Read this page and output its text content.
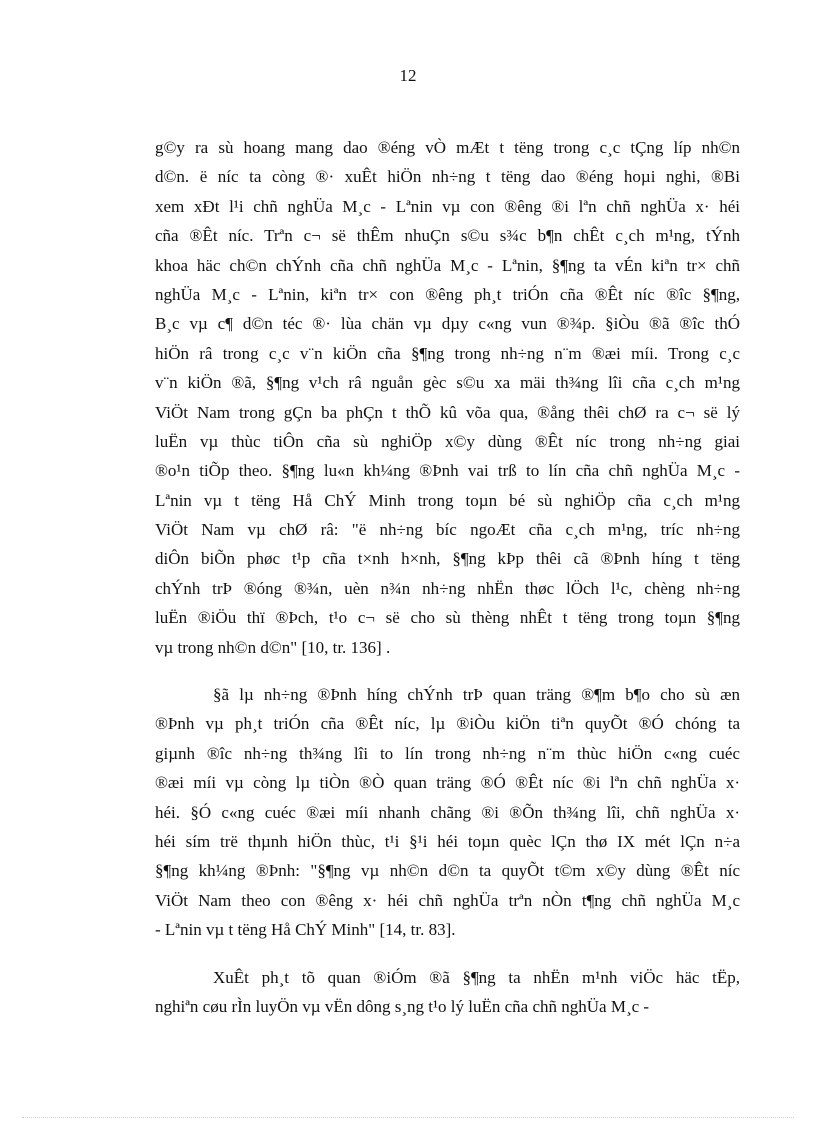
12
g©y ra sù hoang mang dao ®éng vÒ mÆt t tëng trong c¸c tÇng líp nh©n
d©n. ë níc ta còng ®· xuÊt hiÖn nh÷ng t tëng dao ®éng hoµi nghi, ®Bi
xem xÐt l¹i chñ nghÜa M¸c - Lªnin vµ con ®êng ®i lªn chñ nghÜa x· héi
cña ®Êt níc. Trªn c¬ së thÊm nhuÇn s©u s¾c b¶n chÊt c¸ch m¹ng, tÝnh
khoa häc ch©n chÝnh cña chñ nghÜa M¸c - Lªnin, §¶ng ta vÉn kiªn tr× chñ
nghÜa M¸c - Lªnin, kiªn tr× con ®êng ph¸t triÓn cña ®Êt níc ®îc §¶ng,
B¸c vµ c¶ d©n téc ®· lùa chän vµ dµy c«ng vun ®¾p. §iÒu ®ã ®îc thÓ
hiÖn râ trong c¸c v¨n kiÖn cña §¶ng trong nh÷ng n¨m ®æi míi. Trong c¸c
v¨n kiÖn ®ã, §¶ng v¹ch râ nguån gèc s©u xa mäi th¾ng lîi cña c¸ch m¹ng
ViÖt Nam trong gÇn ba phÇn t thÕ kû võa qua, ®ång thêi chØ ra c¬ së lý
luËn vµ thùc tiÔn cña sù nghiÖp x©y dùng ®Êt níc trong nh÷ng giai
®o¹n tiÕp theo. §¶ng lu«n kh¼ng ®Þnh vai trß to lín cña chñ nghÜa M¸c -
Lªnin vµ t tëng Hå ChÝ Minh trong toµn bé sù nghiÖp cña c¸ch m¹ng
ViÖt Nam vµ chØ râ: "ë nh÷ng bíc ngoÆt cña c¸ch m¹ng, tríc nh÷ng
diÔn biÕn phøc t¹p cña t×nh h×nh, §¶ng kÞp thêi cã ®Þnh híng t tëng
chÝnh trÞ ®óng ®¾n, uèn n¾n nh÷ng nhËn thøc lÖch l¹c, chèng nh÷ng
luËn ®iÖu thï ®Þch, t¹o c¬ së cho sù thèng nhÊt t tëng trong toµn §¶ng
vµ trong nh©n d©n" [10, tr. 136] .
§ã lµ nh÷ng ®Þnh híng chÝnh trÞ quan träng ®¶m b¶o cho sù æn
®Þnh vµ ph¸t triÓn cña ®Êt níc, lµ ®iÒu kiÖn tiªn quyÕt ®Ó chóng ta
giµnh ®îc nh÷ng th¾ng lîi to lín trong nh÷ng n¨m thùc hiÖn c«ng cuéc
®æi míi vµ còng lµ tiÒn ®Ò quan träng ®Ó ®Êt níc ®i lªn chñ nghÜa x·
héi. §Ó c«ng cuéc ®æi míi nhanh chãng ®i ®Õn th¾ng lîi, chñ nghÜa x·
héi sím trë thµnh hiÖn thùc, t¹i §¹i héi toµn quèc lÇn thø IX mét lÇn n÷a
§¶ng kh¼ng ®Þnh: "§¶ng vµ nh©n d©n ta quyÕt t©m x©y dùng ®Êt níc
ViÖt Nam theo con ®êng x· héi chñ nghÜa trªn nÒn t¶ng chñ nghÜa M¸c
- Lªnin vµ t tëng Hå ChÝ Minh" [14, tr. 83].
XuÊt ph¸t tõ quan ®iÓm ®ã §¶ng ta nhËn m¹nh viÖc häc tËp,
nghiªn cøu rÌn luyÖn vµ vËn dông s¸ng t¹o lý luËn cña chñ nghÜa M¸c -
